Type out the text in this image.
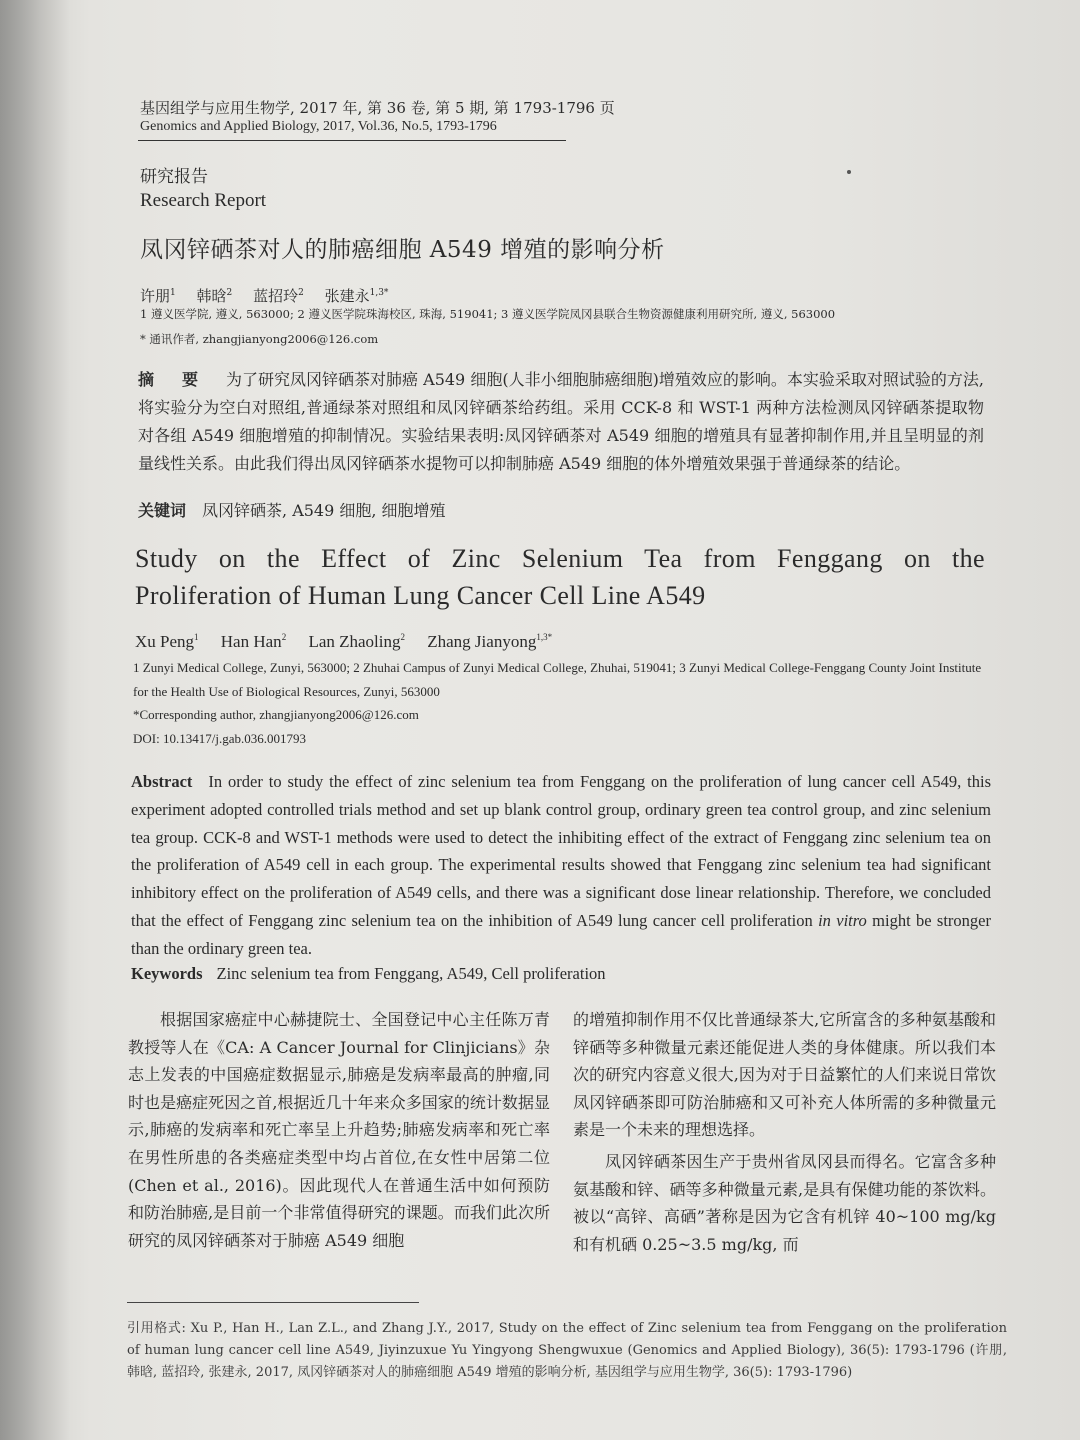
基因组学与应用生物学, 2017 年, 第 36 卷, 第 5 期, 第 1793-1796 页
Genomics and Applied Biology, 2017, Vol.36, No.5, 1793-1796
研究报告
Research Report
凤冈锌硒茶对人的肺癌细胞 A549 增殖的影响分析
许朋$^1$ 韩晗$^2$ 蓝招玲$^2$ 张建永$^{1,3*}$
1 遵义医学院, 遵义, 563000; 2 遵义医学院珠海校区, 珠海, 519041; 3 遵义医学院凤冈县联合生物资源健康利用研究所, 遵义, 563000
* 通讯作者, zhangjianyong2006@126.com
摘　要 为了研究凤冈锌硒茶对肺癌 A549 细胞(人非小细胞肺癌细胞)增殖效应的影响。本实验采取对照试验的方法,将实验分为空白对照组,普通绿茶对照组和凤冈锌硒茶给药组。采用 CCK-8 和 WST-1 两种方法检测凤冈锌硒茶提取物对各组 A549 细胞增殖的抑制情况。实验结果表明:凤冈锌硒茶对 A549 细胞的增殖具有显著抑制作用,并且呈明显的剂量线性关系。由此我们得出凤冈锌硒茶水提物可以抑制肺癌 A549 细胞的体外增殖效果强于普通绿茶的结论。
关键词 凤冈锌硒茶, A549 细胞, 细胞增殖
Study on the Effect of Zinc Selenium Tea from Fenggang on the
Proliferation of Human Lung Cancer Cell Line A549
Xu Peng$^1$ Han Han$^2$ Lan Zhaoling$^2$ Zhang Jianyong$^{1,3*}$
1 Zunyi Medical College, Zunyi, 563000; 2 Zhuhai Campus of Zunyi Medical College, Zhuhai, 519041; 3 Zunyi Medical College-Fenggang County Joint Institute for the Health Use of Biological Resources, Zunyi, 563000
*Corresponding author, zhangjianyong2006@126.com
DOI: 10.13417/j.gab.036.001793
Abstract In order to study the effect of zinc selenium tea from Fenggang on the proliferation of lung cancer cell A549, this experiment adopted controlled trials method and set up blank control group, ordinary green tea control group, and zinc selenium tea group. CCK-8 and WST-1 methods were used to detect the inhibiting effect of the extract of Fenggang zinc selenium tea on the proliferation of A549 cell in each group. The experimental results showed that Fenggang zinc selenium tea had significant inhibitory effect on the proliferation of A549 cells, and there was a significant dose linear relationship. Therefore, we concluded that the effect of Fenggang zinc selenium tea on the inhibition of A549 lung cancer cell proliferation in vitro might be stronger than the ordinary green tea.
Keywords Zinc selenium tea from Fenggang, A549, Cell proliferation

根据国家癌症中心赫捷院士、全国登记中心主任陈万青教授等人在《CA: A Cancer Journal for Clinjicians》杂志上发表的中国癌症数据显示,肺癌是发病率最高的肿瘤,同时也是癌症死因之首,根据近几十年来众多国家的统计数据显示,肺癌的发病率和死亡率呈上升趋势;肺癌发病率和死亡率在男性所患的各类癌症类型中均占首位,在女性中居第二位(Chen et al., 2016)。因此现代人在普通生活中如何预防和防治肺癌,是目前一个非常值得研究的课题。而我们此次所研究的凤冈锌硒茶对于肺癌 A549 细胞

的增殖抑制作用不仅比普通绿茶大,它所富含的多种氨基酸和锌硒等多种微量元素还能促进人类的身体健康。所以我们本次的研究内容意义很大,因为对于日益繁忙的人们来说日常饮凤冈锌硒茶即可防治肺癌和又可补充人体所需的多种微量元素是一个未来的理想选择。

凤冈锌硒茶因生产于贵州省凤冈县而得名。它富含多种氨基酸和锌、硒等多种微量元素,是具有保健功能的茶饮料。被以“高锌、高硒”著称是因为它含有机锌 40~100 mg/kg 和有机硒 0.25~3.5 mg/kg, 而

引用格式: Xu P., Han H., Lan Z.L., and Zhang J.Y., 2017, Study on the effect of Zinc selenium tea from Fenggang on the proliferation of human lung cancer cell line A549, Jiyinzuxue Yu Yingyong Shengwuxue (Genomics and Applied Biology), 36(5): 1793-1796 (许朋, 韩晗, 蓝招玲, 张建永, 2017, 凤冈锌硒茶对人的肺癌细胞 A549 增殖的影响分析, 基因组学与应用生物学, 36(5): 1793-1796)
